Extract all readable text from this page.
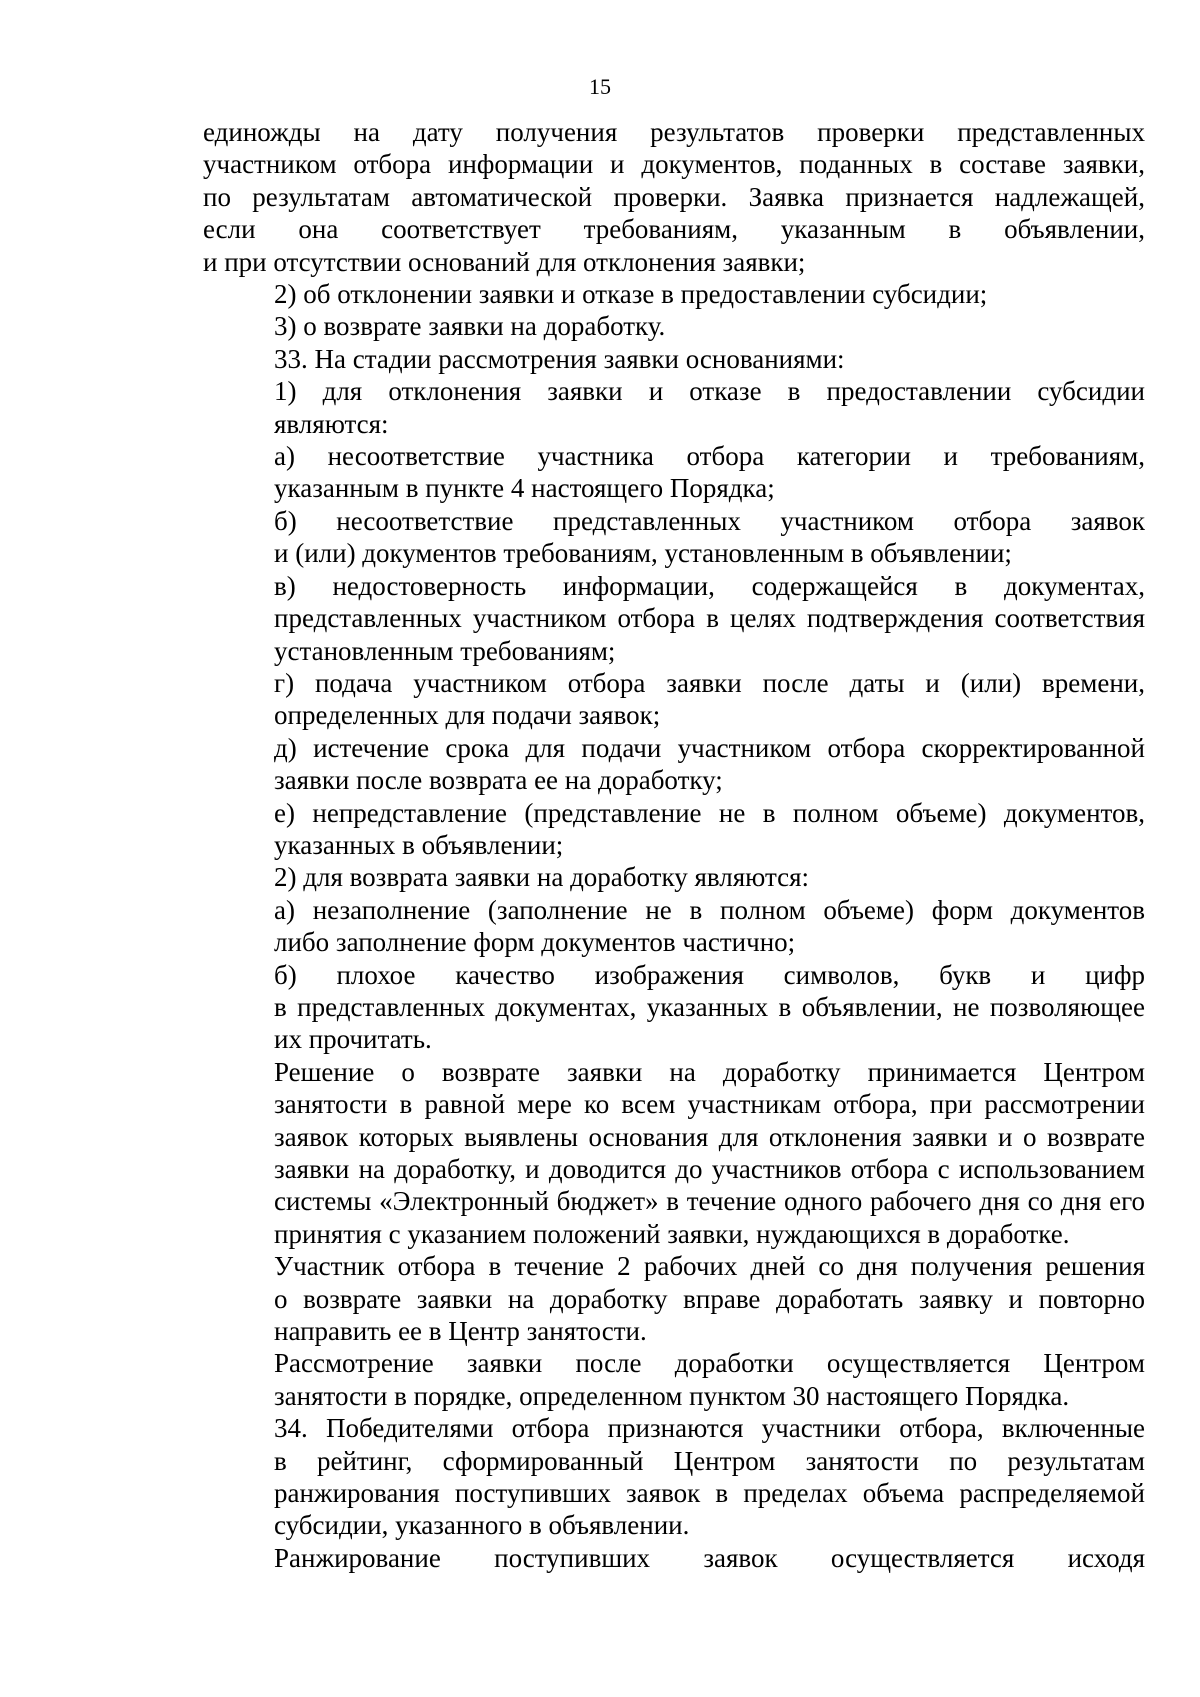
15

единожды на дату получения результатов проверки представленных
участником отбора информации и документов, поданных в составе заявки,
по результатам автоматической проверки. Заявка признается надлежащей,
если она соответствует требованиям, указанным в объявлении,
и при отсутствии оснований для отклонения заявки;

2) об отклонении заявки и отказе в предоставлении субсидии;

3) о возврате заявки на доработку.

33. На стадии рассмотрения заявки основаниями:

1) для отклонения заявки и отказе в предоставлении субсидии
являются:

а) несоответствие участника отбора категории и требованиям,
указанным в пункте 4 настоящего Порядка;

б) несоответствие представленных участником отбора заявок
и (или) документов требованиям, установленным в объявлении;

в) недостоверность информации, содержащейся в документах,
представленных участником отбора в целях подтверждения соответствия
установленным требованиям;

г) подача участником отбора заявки после даты и (или) времени,
определенных для подачи заявок;

д) истечение срока для подачи участником отбора скорректированной
заявки после возврата ее на доработку;

е) непредставление (представление не в полном объеме) документов,
указанных в объявлении;

2) для возврата заявки на доработку являются:

а) незаполнение (заполнение не в полном объеме) форм документов
либо заполнение форм документов частично;

б) плохое качество изображения символов, букв и цифр
в представленных документах, указанных в объявлении, не позволяющее
их прочитать.

Решение о возврате заявки на доработку принимается Центром
занятости в равной мере ко всем участникам отбора, при рассмотрении
заявок которых выявлены основания для отклонения заявки и о возврате
заявки на доработку, и доводится до участников отбора с использованием
системы «Электронный бюджет» в течение одного рабочего дня со дня его
принятия с указанием положений заявки, нуждающихся в доработке.

Участник отбора в течение 2 рабочих дней со дня получения решения
о возврате заявки на доработку вправе доработать заявку и повторно
направить ее в Центр занятости.

Рассмотрение заявки после доработки осуществляется Центром
занятости в порядке, определенном пунктом 30 настоящего Порядка.

34. Победителями отбора признаются участники отбора, включенные
в рейтинг, сформированный Центром занятости по результатам
ранжирования поступивших заявок в пределах объема распределяемой
субсидии, указанного в объявлении.

Ранжирование поступивших заявок осуществляется исходя
